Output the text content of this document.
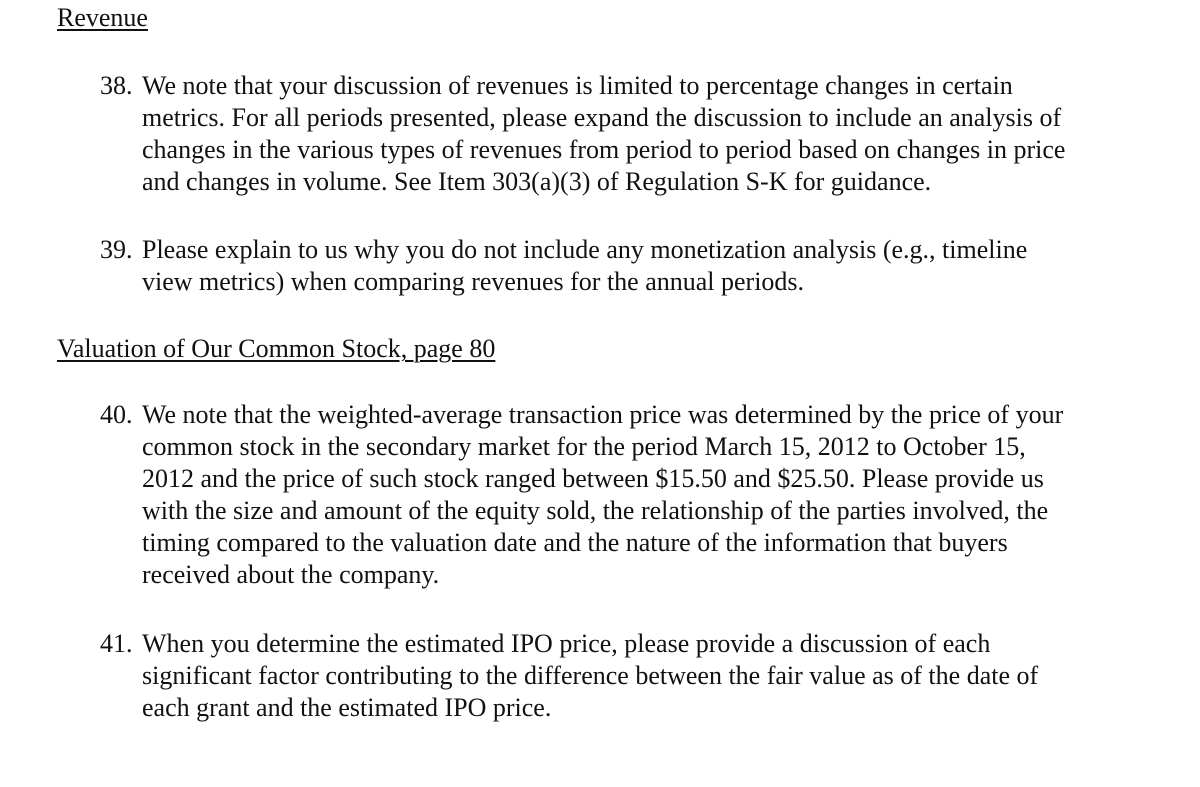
Revenue
38. We note that your discussion of revenues is limited to percentage changes in certain
metrics. For all periods presented, please expand the discussion to include an analysis of
changes in the various types of revenues from period to period based on changes in price
and changes in volume. See Item 303(a)(3) of Regulation S-K for guidance.
39. Please explain to us why you do not include any monetization analysis (e.g., timeline
view metrics) when comparing revenues for the annual periods.
Valuation of Our Common Stock, page 80
40. We note that the weighted-average transaction price was determined by the price of your
common stock in the secondary market for the period March 15, 2012 to October 15,
2012 and the price of such stock ranged between $15.50 and $25.50. Please provide us
with the size and amount of the equity sold, the relationship of the parties involved, the
timing compared to the valuation date and the nature of the information that buyers
received about the company.
41. When you determine the estimated IPO price, please provide a discussion of each
significant factor contributing to the difference between the fair value as of the date of
each grant and the estimated IPO price.
